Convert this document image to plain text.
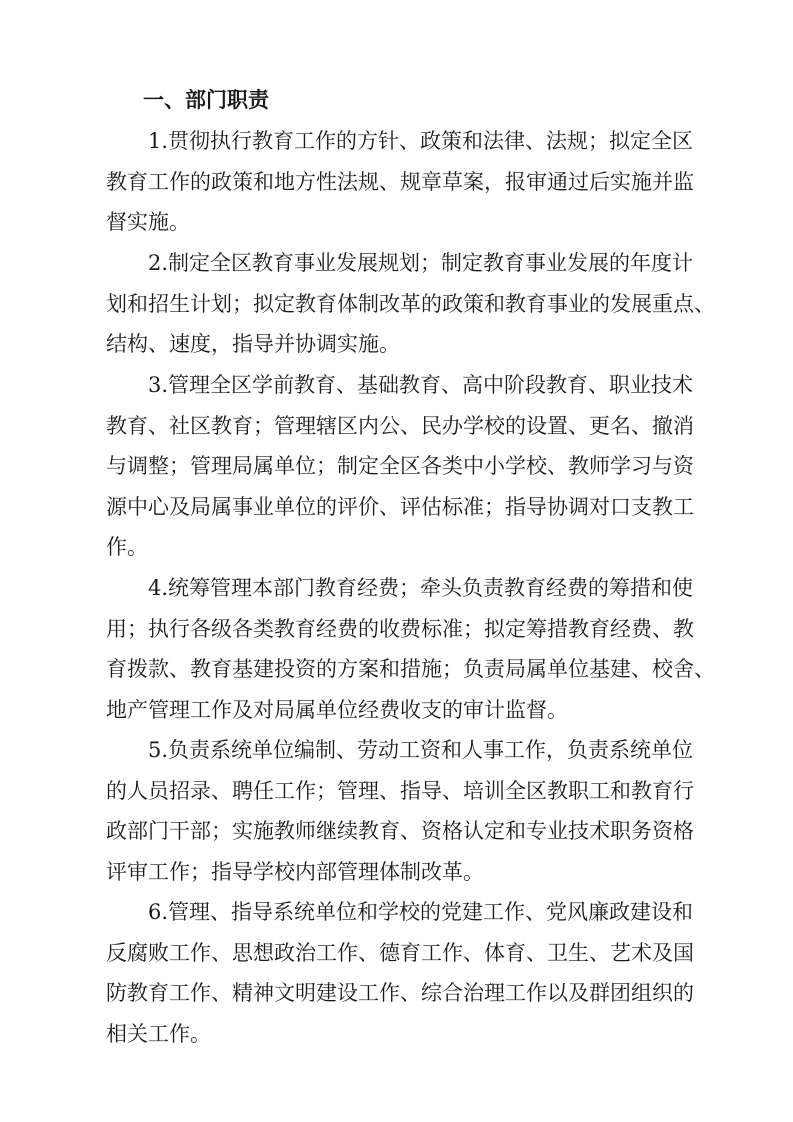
一、部门职责

1.贯彻执行教育工作的方针、政策和法律、法规；拟定全区
教育工作的政策和地方性法规、规章草案，报审通过后实施并监
督实施。

2.制定全区教育事业发展规划；制定教育事业发展的年度计
划和招生计划；拟定教育体制改革的政策和教育事业的发展重点、
结构、速度，指导并协调实施。

3.管理全区学前教育、基础教育、高中阶段教育、职业技术
教育、社区教育；管理辖区内公、民办学校的设置、更名、撤消
与调整；管理局属单位；制定全区各类中小学校、教师学习与资
源中心及局属事业单位的评价、评估标准；指导协调对口支教工
作。

4.统筹管理本部门教育经费；牵头负责教育经费的筹措和使
用；执行各级各类教育经费的收费标准；拟定筹措教育经费、教
育拨款、教育基建投资的方案和措施；负责局属单位基建、校舍、
地产管理工作及对局属单位经费收支的审计监督。

5.负责系统单位编制、劳动工资和人事工作，负责系统单位
的人员招录、聘任工作；管理、指导、培训全区教职工和教育行
政部门干部；实施教师继续教育、资格认定和专业技术职务资格
评审工作；指导学校内部管理体制改革。

6.管理、指导系统单位和学校的党建工作、党风廉政建设和
反腐败工作、思想政治工作、德育工作、体育、卫生、艺术及国
防教育工作、精神文明建设工作、综合治理工作以及群团组织的
相关工作。
